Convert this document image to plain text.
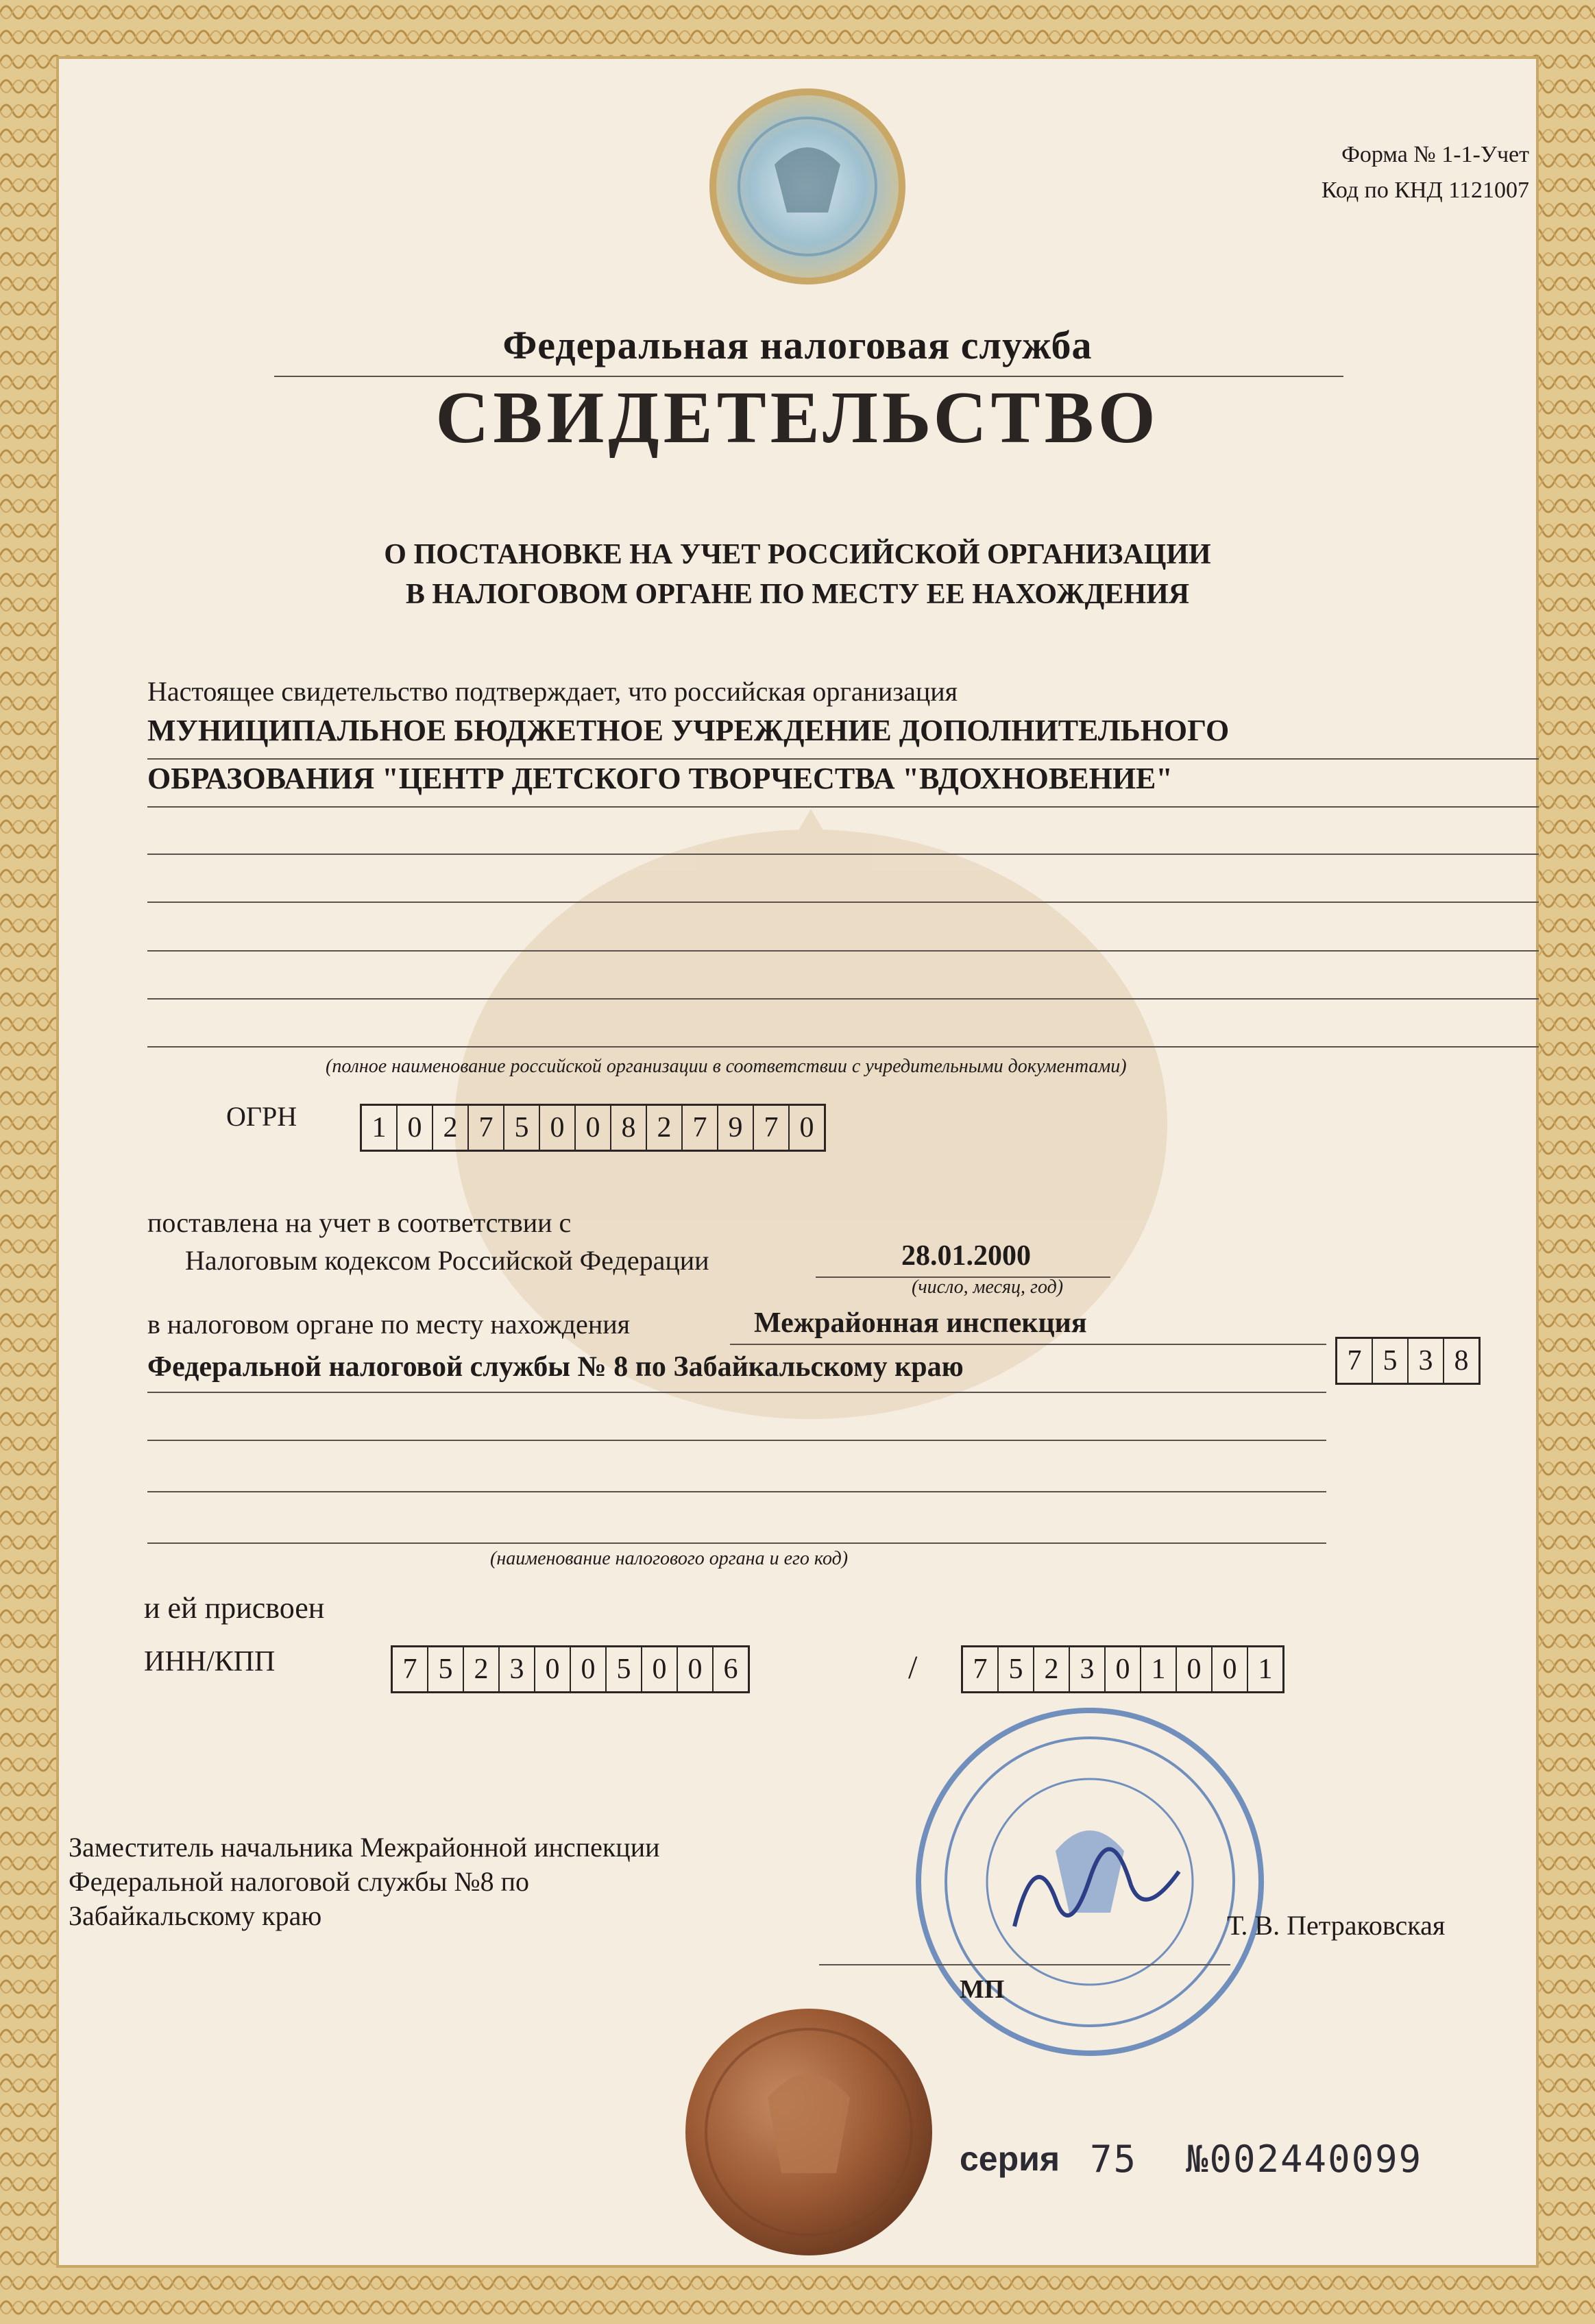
Форма № 1-1-Учет
Код по КНД 1121007
Федеральная налоговая служба
СВИДЕТЕЛЬСТВО
О ПОСТАНОВКЕ НА УЧЕТ РОССИЙСКОЙ ОРГАНИЗАЦИИ
В НАЛОГОВОМ ОРГАНЕ ПО МЕСТУ ЕЕ НАХОЖДЕНИЯ
Настоящее свидетельство подтверждает, что российская организация
МУНИЦИПАЛЬНОЕ БЮДЖЕТНОЕ УЧРЕЖДЕНИЕ ДОПОЛНИТЕЛЬНОГО
ОБРАЗОВАНИЯ "ЦЕНТР ДЕТСКОГО ТВОРЧЕСТВА "ВДОХНОВЕНИЕ"
(полное наименование российской организации в соответствии с учредительными документами)
ОГРН	1 0 2 7 5 0 0 8 2 7 9 7 0
поставлена на учет в соответствии с
Налоговым кодексом Российской Федерации	28.01.2000
(число, месяц, год)
в налоговом органе по месту нахождения	Межрайонная инспекция
Федеральной налоговой службы № 8 по Забайкальскому краю	7 5 3 8
(наименование налогового органа и его код)
и ей присвоен
ИНН/КПП	7 5 2 3 0 0 5 0 0 6	/	7 5 2 3 0 1 0 0 1
Заместитель начальника Межрайонной инспекции
Федеральной налоговой службы №8 по
Забайкальскому краю	Т. В. Петраковская
МП
серия 75 №002440099
